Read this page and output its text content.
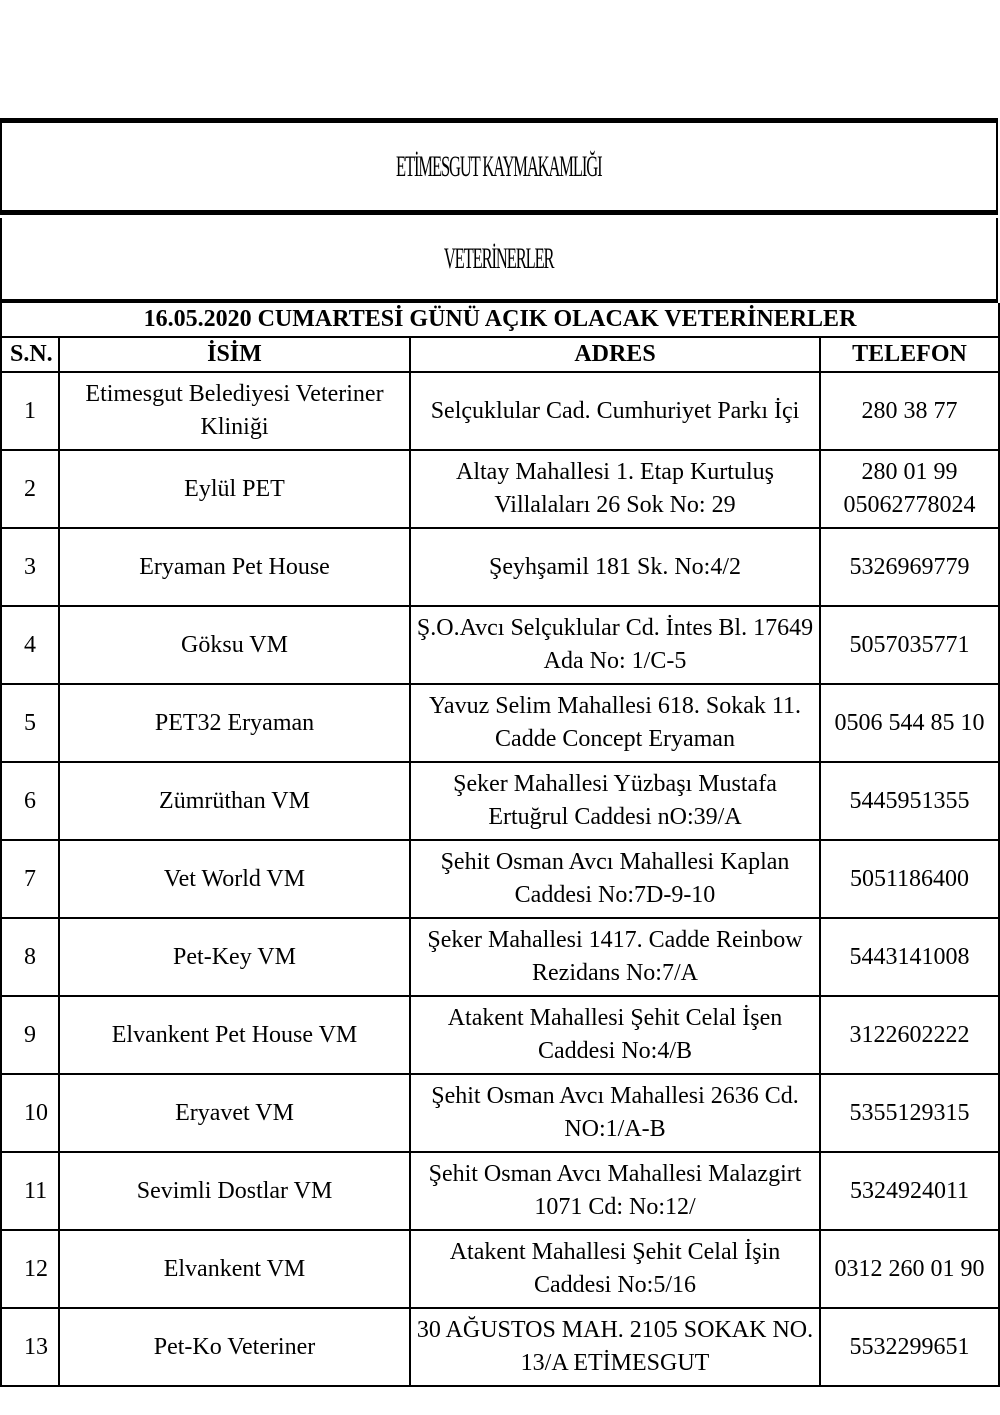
ETİMESGUT KAYMAKAMLIĞI
VETERİNERLER
16.05.2020 CUMARTESİ GÜNÜ AÇIK OLACAK VETERİNERLER			
S.N.	İSİM	ADRES	TELEFON
1	Etimesgut Belediyesi Veteriner Kliniği	Selçuklular Cad. Cumhuriyet Parkı İçi	280 38 77
2	Eylül PET	Altay Mahallesi 1. Etap Kurtuluş Villalaları 26 Sok No: 29	280 01 99 05062778024
3	Eryaman Pet House	Şeyhşamil 181 Sk. No:4/2	5326969779
4	Göksu VM	Ş.O.Avcı Selçuklular Cd. İntes Bl. 17649 Ada No: 1/C-5	5057035771
5	PET32 Eryaman	Yavuz Selim Mahallesi 618. Sokak 11. Cadde Concept Eryaman	0506 544 85 10
6	Zümrüthan VM	Şeker Mahallesi Yüzbaşı Mustafa Ertuğrul Caddesi nO:39/A	5445951355
7	Vet World VM	Şehit Osman Avcı Mahallesi Kaplan Caddesi No:7D-9-10	5051186400
8	Pet-Key VM	Şeker Mahallesi 1417. Cadde Reinbow Rezidans No:7/A	5443141008
9	Elvankent Pet House VM	Atakent Mahallesi Şehit Celal İşen Caddesi No:4/B	3122602222
10	Eryavet VM	Şehit Osman Avcı Mahallesi 2636 Cd. NO:1/A-B	5355129315
11	Sevimli Dostlar VM	Şehit Osman Avcı Mahallesi Malazgirt 1071 Cd: No:12/	5324924011
12	Elvankent VM	Atakent Mahallesi Şehit Celal İşin Caddesi No:5/16	0312 260 01 90
13	Pet-Ko Veteriner	30 AĞUSTOS MAH. 2105 SOKAK NO. 13/A ETİMESGUT	5532299651
